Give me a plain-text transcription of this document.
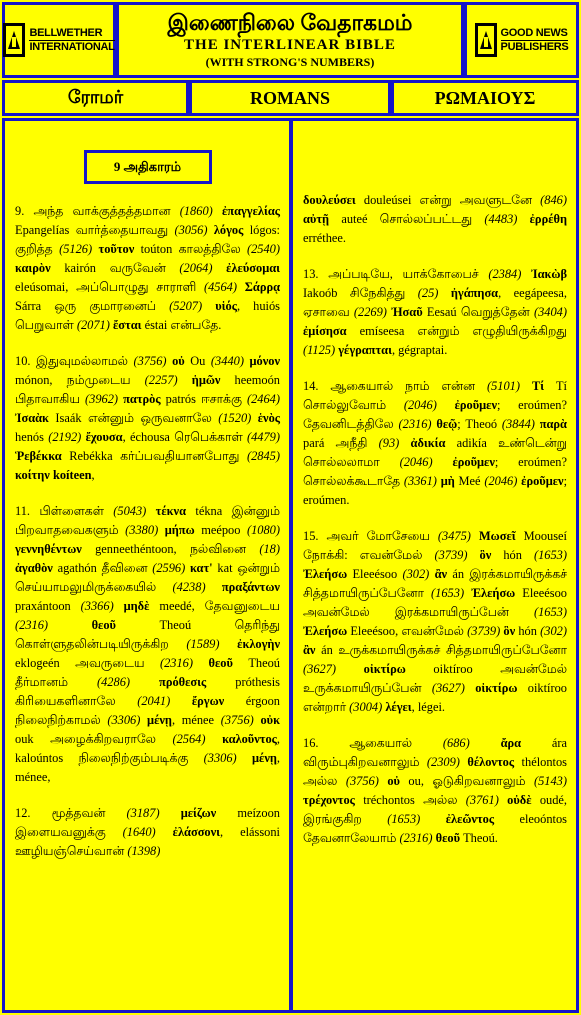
BELLWETHER
INTERNATIONAL
இணைநிலை வேதாகமம்
THE INTERLINEAR BIBLE
(WITH STRONG'S NUMBERS)
GOOD NEWS
PUBLISHERS
ரோமர்	ROMANS	ΡΩΜΑΙΟΥΣ
9 அதிகாரம்

9. அந்த வாக்குத்தத்தமான (1860) ἐπαγγελίας Epangelías வார்த்தையாவது (3056) λόγος lógos: குறித்த (5126) τοῦτον toúton காலத்திலே (2540) καιρὸν kairón வருவேன் (2064) ἐλεύσομαι eleúsomai, அப்பொழுது சாராளி (4564) Σάρρᾳ Sárra ஒரு குமாரனைப் (5207) υἱός, huiós பெறுவாள் (2071) ἔσται éstai என்பதே.

10. இதுவுமல்லாமல் (3756) οὐ Ou (3440) μόνον mónon, நம்முடைய (2257) ἡμῶν heemoón பிதாவாகிய (3962) πατρὸς patrós ஈசாக்கு (2464) Ἰσαὰκ Isaák என்னும் ஒருவனாலே (1520) ἑνὸς henós (2192) ἔχουσα, échousa ரெபெக்காள் (4479) Ῥεβέκκα Rebékka கர்ப்பவதியானபோது (2845) κοίτην koíteen,

11. பிள்ளைகள் (5043) τέκνα tékna இன்னும் பிறவாதவைகளும் (3380) μήπω meépoo (1080) γεννηθέντων genneethéntoon, நல்வினை (18) ἀγαθὸν agathón தீவினை (2596) κατ' kat ஒன்றும் செய்யாமலுமிருக்கையில் (4238) πραξάντων praxántoon (3366) μηδὲ meedé, தேவனுடைய (2316)	θεοῦ Theoú தெரிந்து கொள்ளுதலின்படியிருக்கிற (1589) ἐκλογὴν eklogeén அவருடைய (2316) θεοῦ Theoú தீர்மானம் (4286) πρόθεσις próthesis கிரியைகளினாலே (2041) ἔργων érgoon நிலைநிற்காமல் (3306) μένῃ, ménee (3756) οὐκ ouk அழைக்கிறவராலே (2564) καλοῦντος, kaloúntos நிலைநிற்கும்படிக்கு (3306) μένῃ, ménee,

12. மூத்தவன் (3187) μείζων meízoon இளையவனுக்கு (1640) ἐλάσσονι, elássoni ஊழியஞ்செய்வான் (1398)

δουλεύσει douleúsei என்று அவளுடனே (846) αὐτῇ auteé சொல்லப்பட்டது (4483) ἐρρέθη erréthee.

13. அப்படியே, யாக்கோபைச் (2384) Ἰακὼβ Iakoób சிநேகித்து (25) ἠγάπησα, eegápeesa, ஏசாவை (2269) Ἠσαῦ Eesaú வெறுத்தேன் (3404) ἐμίσησα emíseesa என்றும் எழுதியிருக்கிறது (1125) γέγραπται, gégraptai.

14. ஆகையால் நாம் என்ன (5101) Τί Tí சொல்லுவோம் (2046) ἐροῦμεν; eroúmen? தேவனிடத்திலே (2316) θεῷ; Theoó (3844) παρὰ pará அநீதி (93) ἀδικία adikía உண்டென்று சொல்லலாமா (2046) ἐροῦμεν; eroúmen? சொல்லக்கூடாதே (3361) μὴ Meé (2046) ἐροῦμεν; eroúmen.

15. அவர் மோசேயை (3475) Μωσεῖ Moouseí நோக்கி: எவன்மேல் (3739) ὃν hón (1653) Ἐλεήσω Eleeésoo (302) ἂν án இரக்கமாயிருக்கச் சித்தமாயிருப்பேனோ (1653) Ἐλεήσω Eleeésoo அவன்மேல் இரக்கமாயிருப்பேன் (1653) Ἐλεήσω Eleeésoo, எவன்மேல் (3739) ὃν hón (302) ἂν án உருக்கமாயிருக்கச் சித்தமாயிருப்பேனோ (3627) οἰκτίρω oiktíroo அவன்மேல் உருக்கமாயிருப்பேன் (3627) οἰκτίρω oiktíroo என்றார் (3004) λέγει, légei.

16. ஆகையால் (686) ἄρα ára விரும்புகிறவனாலும் (2309) θέλοντος thélontos அல்ல (3756) οὐ ou, ஓடுகிறவனாலும் (5143) τρέχοντος tréchontos அல்ல (3761) οὐδὲ oudé, இரங்குகிற (1653) ἐλεῶντος eleoóntos தேவனாலேயாம் (2316) θεοῦ Theoú.
